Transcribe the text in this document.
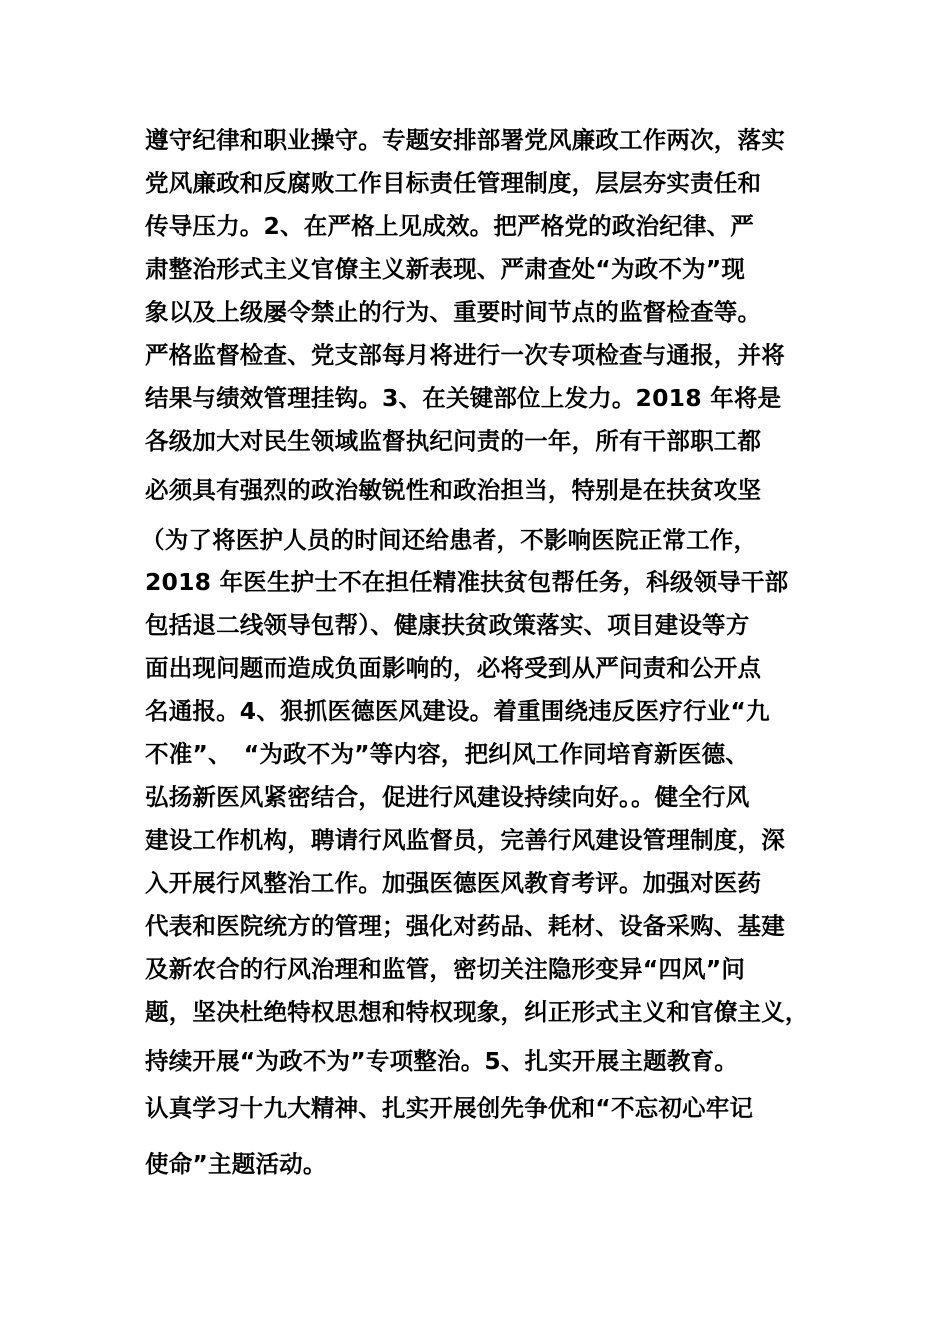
遵守纪律和职业操守。专题安排部署党风廉政工作两次，落实
党风廉政和反腐败工作目标责任管理制度，层层夯实责任和
传导压力。2、在严格上见成效。把严格党的政治纪律、严
肃整治形式主义官僚主义新表现、严肃查处“为政不为”现
象以及上级屡令禁止的行为、重要时间节点的监督检查等。
严格监督检查、党支部每月将进行一次专项检查与通报，并将
结果与绩效管理挂钩。3、在关键部位上发力。2018 年将是
各级加大对民生领域监督执纪问责的一年，所有干部职工都
必须具有强烈的政治敏锐性和政治担当，特别是在扶贫攻坚
（为了将医护人员的时间还给患者，不影响医院正常工作，
2018 年医生护士不在担任精准扶贫包帮任务，科级领导干部
包括退二线领导包帮）、健康扶贫政策落实、项目建设等方
面出现问题而造成负面影响的，必将受到从严问责和公开点
名通报。4、狠抓医德医风建设。着重围绕违反医疗行业“九
不准”、　“为政不为”等内容，把纠风工作同培育新医德、
弘扬新医风紧密结合，促进行风建设持续向好。。健全行风
建设工作机构，聘请行风监督员，完善行风建设管理制度，深
入开展行风整治工作。加强医德医风教育考评。加强对医药
代表和医院统方的管理；强化对药品、耗材、设备采购、基建
及新农合的行风治理和监管，密切关注隐形变异“四风”问
题，坚决杜绝特权思想和特权现象，纠正形式主义和官僚主义，
持续开展“为政不为”专项整治。5、扎实开展主题教育。
认真学习十九大精神、扎实开展创先争优和“不忘初心牢记
使命”主题活动。
